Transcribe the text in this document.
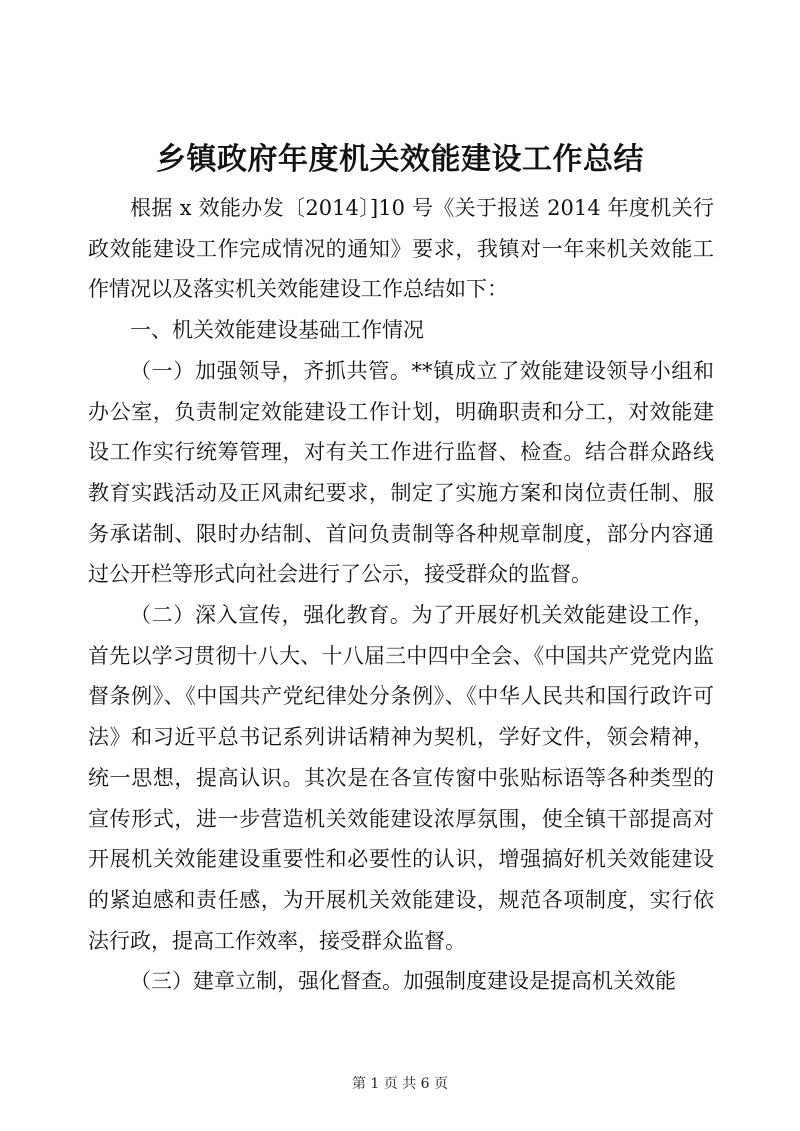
乡镇政府年度机关效能建设工作总结

根据 x 效能办发〔2014〕]10 号《关于报送 2014 年度机关行政效能建设工作完成情况的通知》要求，我镇对一年来机关效能工作情况以及落实机关效能建设工作总结如下：

一、机关效能建设基础工作情况

（一）加强领导，齐抓共管。**镇成立了效能建设领导小组和办公室，负责制定效能建设工作计划，明确职责和分工，对效能建设工作实行统筹管理，对有关工作进行监督、检查。结合群众路线教育实践活动及正风肃纪要求，制定了实施方案和岗位责任制、服务承诺制、限时办结制、首问负责制等各种规章制度，部分内容通过公开栏等形式向社会进行了公示，接受群众的监督。

（二）深入宣传，强化教育。为了开展好机关效能建设工作，首先以学习贯彻十八大、十八届三中四中全会、《中国共产党党内监督条例》、《中国共产党纪律处分条例》、《中华人民共和国行政许可法》和习近平总书记系列讲话精神为契机，学好文件，领会精神，统一思想，提高认识。其次是在各宣传窗中张贴标语等各种类型的宣传形式，进一步营造机关效能建设浓厚氛围，使全镇干部提高对开展机关效能建设重要性和必要性的认识，增强搞好机关效能建设的紧迫感和责任感，为开展机关效能建设，规范各项制度，实行依法行政，提高工作效率，接受群众监督。

（三）建章立制，强化督查。加强制度建设是提高机关效能

第 1 页 共 6 页
